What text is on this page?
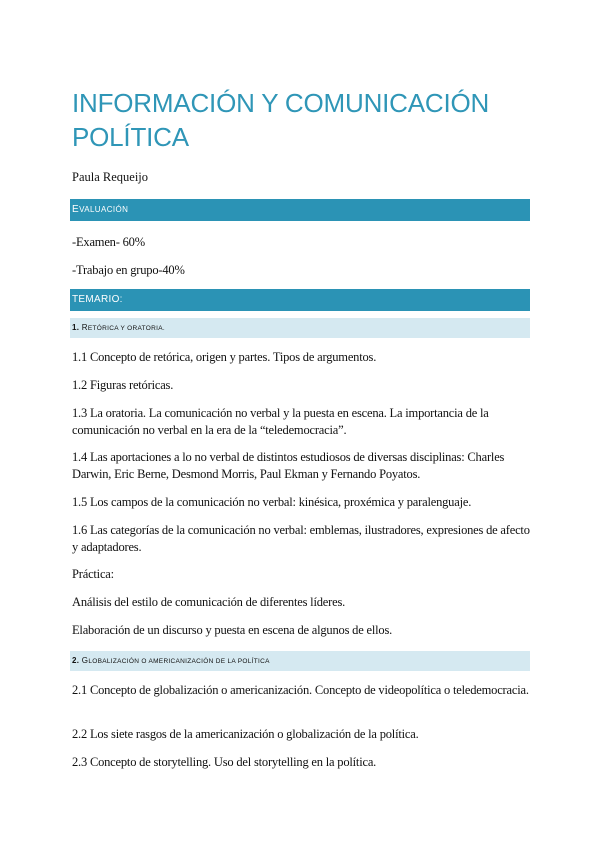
INFORMACIÓN Y COMUNICACIÓN
POLÍTICA
Paula Requeijo
EVALUACIÓN
-Examen- 60%
-Trabajo en grupo-40%
TEMARIO:
1. RETÓRICA Y ORATORIA.
1.1 Concepto de retórica, origen y partes. Tipos de argumentos.
1.2 Figuras retóricas.
1.3 La oratoria. La comunicación no verbal y la puesta en escena. La importancia de la comunicación no verbal en la era de la “teledemocracia”.
1.4 Las aportaciones a lo no verbal de distintos estudiosos de diversas disciplinas: Charles Darwin, Eric Berne, Desmond Morris, Paul Ekman y Fernando Poyatos.
1.5 Los campos de la comunicación no verbal: kinésica, proxémica y paralenguaje.
1.6 Las categorías de la comunicación no verbal: emblemas, ilustradores, expresiones de afecto y adaptadores.
Práctica:
Análisis del estilo de comunicación de diferentes líderes.
Elaboración de un discurso y puesta en escena de algunos de ellos.
2. GLOBALIZACIÓN O AMERICANIZACIÓN DE LA POLÍTICA
2.1 Concepto de globalización o americanización. Concepto de videopolítica o teledemocracia.
2.2 Los siete rasgos de la americanización o globalización de la política.
2.3 Concepto de storytelling. Uso del storytelling en la política.
